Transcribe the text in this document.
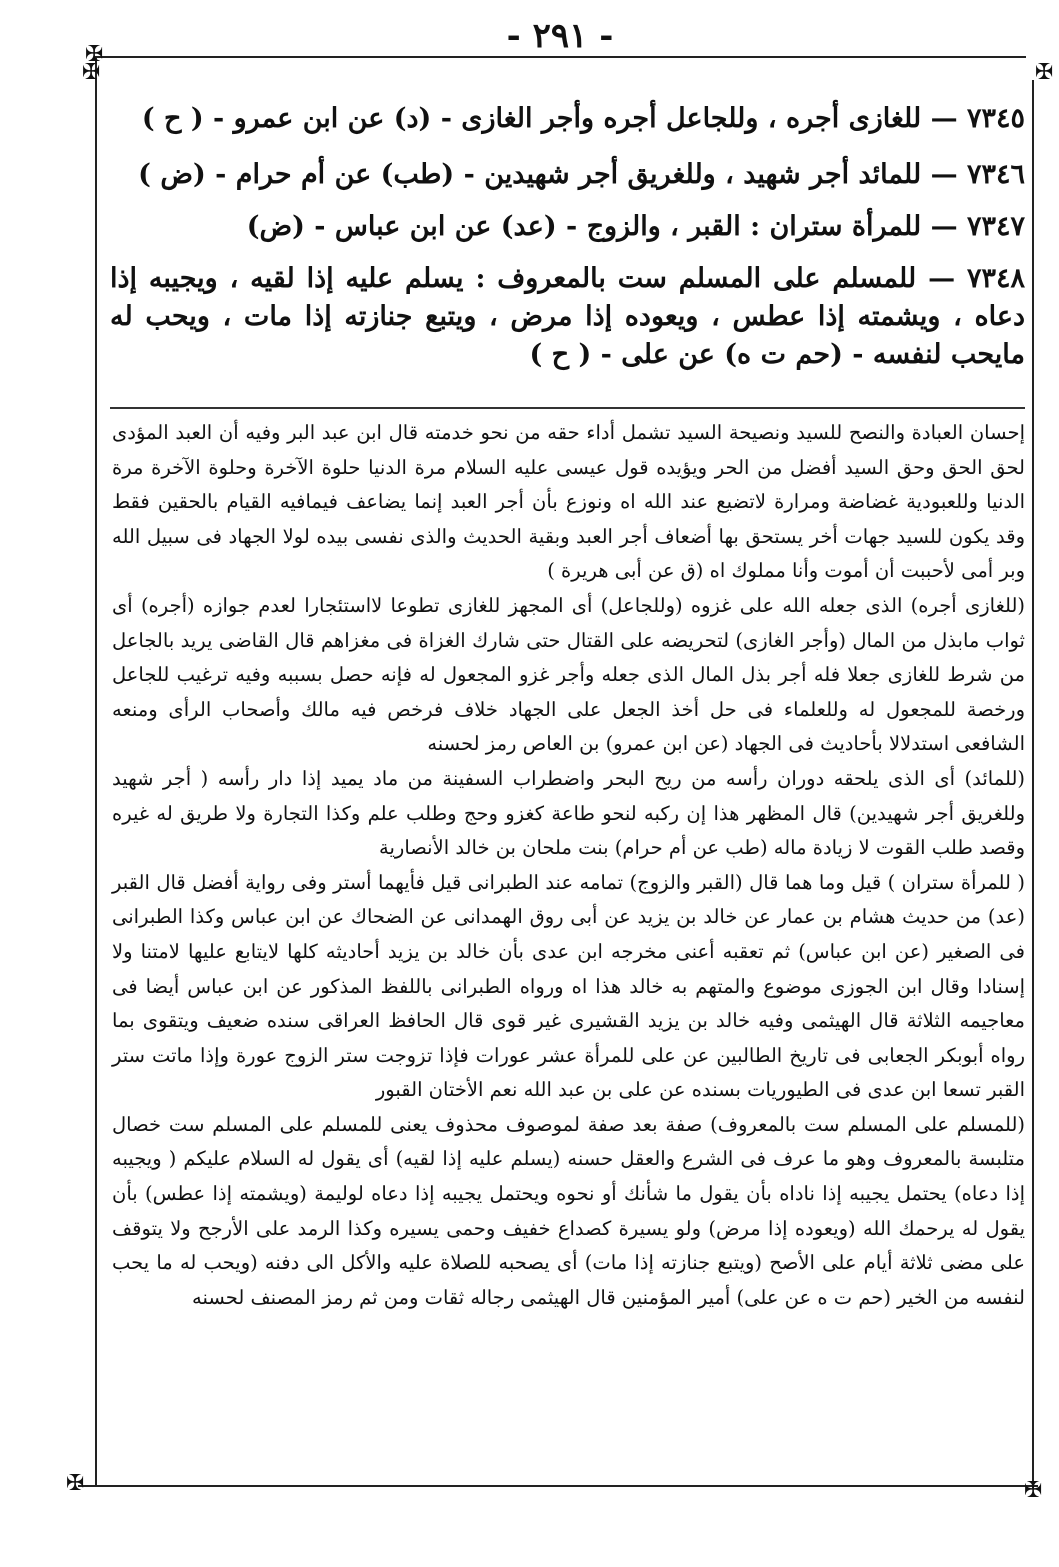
✠
✠	✠
✠	✠
- ٢٩١ -

٧٣٤٥ — للغازى أجره ، وللجاعل أجره وأجر الغازى - (د) عن ابن عمرو - ( ح )

٧٣٤٦ — للمائد أجر شهيد ، وللغريق أجر شهيدين - (طب) عن أم حرام - (ض )

٧٣٤٧ — للمرأة ستران : القبر ، والزوج - (عد) عن ابن عباس - (ض)

٧٣٤٨ — للمسلم على المسلم ست بالمعروف : يسلم عليه إذا لقيه ، ويجيبه إذا دعاه ، ويشمته إذا عطس ، ويعوده إذا مرض ، ويتبع جنازته إذا مات ، ويحب له مايحب لنفسه - (حم ت ه) عن على - ( ح )

إحسان العبادة والنصح للسيد ونصيحة السيد تشمل أداء حقه من نحو خدمته قال ابن عبد البر وفيه أن العبد المؤدى لحق الحق وحق السيد أفضل من الحر ويؤيده قول عيسى عليه السلام مرة الدنيا حلوة الآخرة وحلوة الآخرة مرة الدنيا وللعبودية غضاضة ومرارة لاتضيع عند الله اه ونوزع بأن أجر العبد إنما يضاعف فيمافيه القيام بالحقين فقط وقد يكون للسيد جهات أخر يستحق بها أضعاف أجر العبد وبقية الحديث والذى نفسى بيده لولا الجهاد فى سبيل الله وبر أمى لأحببت أن أموت وأنا مملوك اه (ق عن أبى هريرة )

(للغازى أجره) الذى جعله الله على غزوه (وللجاعل) أى المجهز للغازى تطوعا لااستئجارا لعدم جوازه (أجره) أى ثواب مابذل من المال (وأجر الغازى) لتحريضه على القتال حتى شارك الغزاة فى مغزاهم قال القاضى يريد بالجاعل من شرط للغازى جعلا فله أجر بذل المال الذى جعله وأجر غزو المجعول له فإنه حصل بسببه وفيه ترغيب للجاعل ورخصة للمجعول له وللعلماء فى حل أخذ الجعل على الجهاد خلاف فرخص فيه مالك وأصحاب الرأى ومنعه الشافعى استدلالا بأحاديث فى الجهاد (عن ابن عمرو) بن العاص رمز لحسنه

(للمائد) أى الذى يلحقه دوران رأسه من ريح البحر واضطراب السفينة من ماد يميد إذا دار رأسه ( أجر شهيد وللغريق أجر شهيدين) قال المظهر هذا إن ركبه لنحو طاعة كغزو وحج وطلب علم وكذا التجارة ولا طريق له غيره وقصد طلب القوت لا زيادة ماله (طب عن أم حرام) بنت ملحان بن خالد الأنصارية

( للمرأة ستران ) قيل وما هما قال (القبر والزوج) تمامه عند الطبرانى قيل فأيهما أستر وفى رواية أفضل قال القبر (عد) من حديث هشام بن عمار عن خالد بن يزيد عن أبى روق الهمدانى عن الضحاك عن ابن عباس وكذا الطبرانى فى الصغير (عن ابن عباس) ثم تعقبه أعنى مخرجه ابن عدى بأن خالد بن يزيد أحاديثه كلها لايتابع عليها لامتنا ولا إسنادا وقال ابن الجوزى موضوع والمتهم به خالد هذا اه ورواه الطبرانى باللفظ المذكور عن ابن عباس أيضا فى معاجيمه الثلاثة قال الهيثمى وفيه خالد بن يزيد القشيرى غير قوى قال الحافظ العراقى سنده ضعيف ويتقوى بما رواه أبوبكر الجعابى فى تاريخ الطالبين عن على للمرأة عشر عورات فإذا تزوجت ستر الزوج عورة وإذا ماتت ستر القبر تسعا ابن عدى فى الطيوريات بسنده عن على بن عبد الله نعم الأختان القبور

(للمسلم على المسلم ست بالمعروف) صفة بعد صفة لموصوف محذوف يعنى للمسلم على المسلم ست خصال متلبسة بالمعروف وهو ما عرف فى الشرع والعقل حسنه (يسلم عليه إذا لقيه) أى يقول له السلام عليكم ( ويجيبه إذا دعاه) يحتمل يجيبه إذا ناداه بأن يقول ما شأنك أو نحوه ويحتمل يجيبه إذا دعاه لوليمة (ويشمته إذا عطس) بأن يقول له يرحمك الله (ويعوده إذا مرض) ولو يسيرة كصداع خفيف وحمى يسيره وكذا الرمد على الأرجح ولا يتوقف على مضى ثلاثة أيام على الأصح (ويتبع جنازته إذا مات) أى يصحبه للصلاة عليه والأكل الى دفنه (ويحب له ما يحب لنفسه من الخير (حم ت ه عن على) أمير المؤمنين قال الهيثمى رجاله ثقات ومن ثم رمز المصنف لحسنه
